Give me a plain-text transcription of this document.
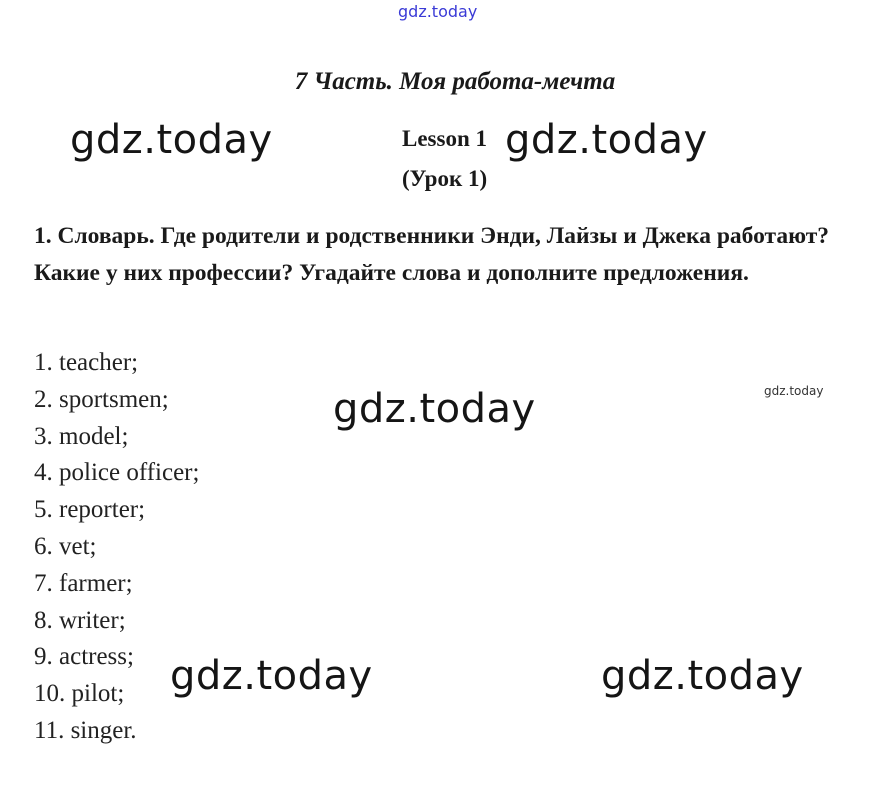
gdz.today
7 Часть. Моя работа-мечта
Lesson 1
(Урок 1)
gdz.today	gdz.today
1. Словарь. Где родители и родственники Энди, Лайзы и Джека работают? Какие у них профессии? Угадайте слова и дополните предложения.
1. teacher;
2. sportsmen;
3. model;
4. police officer;
5. reporter;
6. vet;
7. farmer;
8. writer;
9. actress;
10. pilot;
11. singer.
gdz.today	gdz.today
gdz.today	gdz.today
